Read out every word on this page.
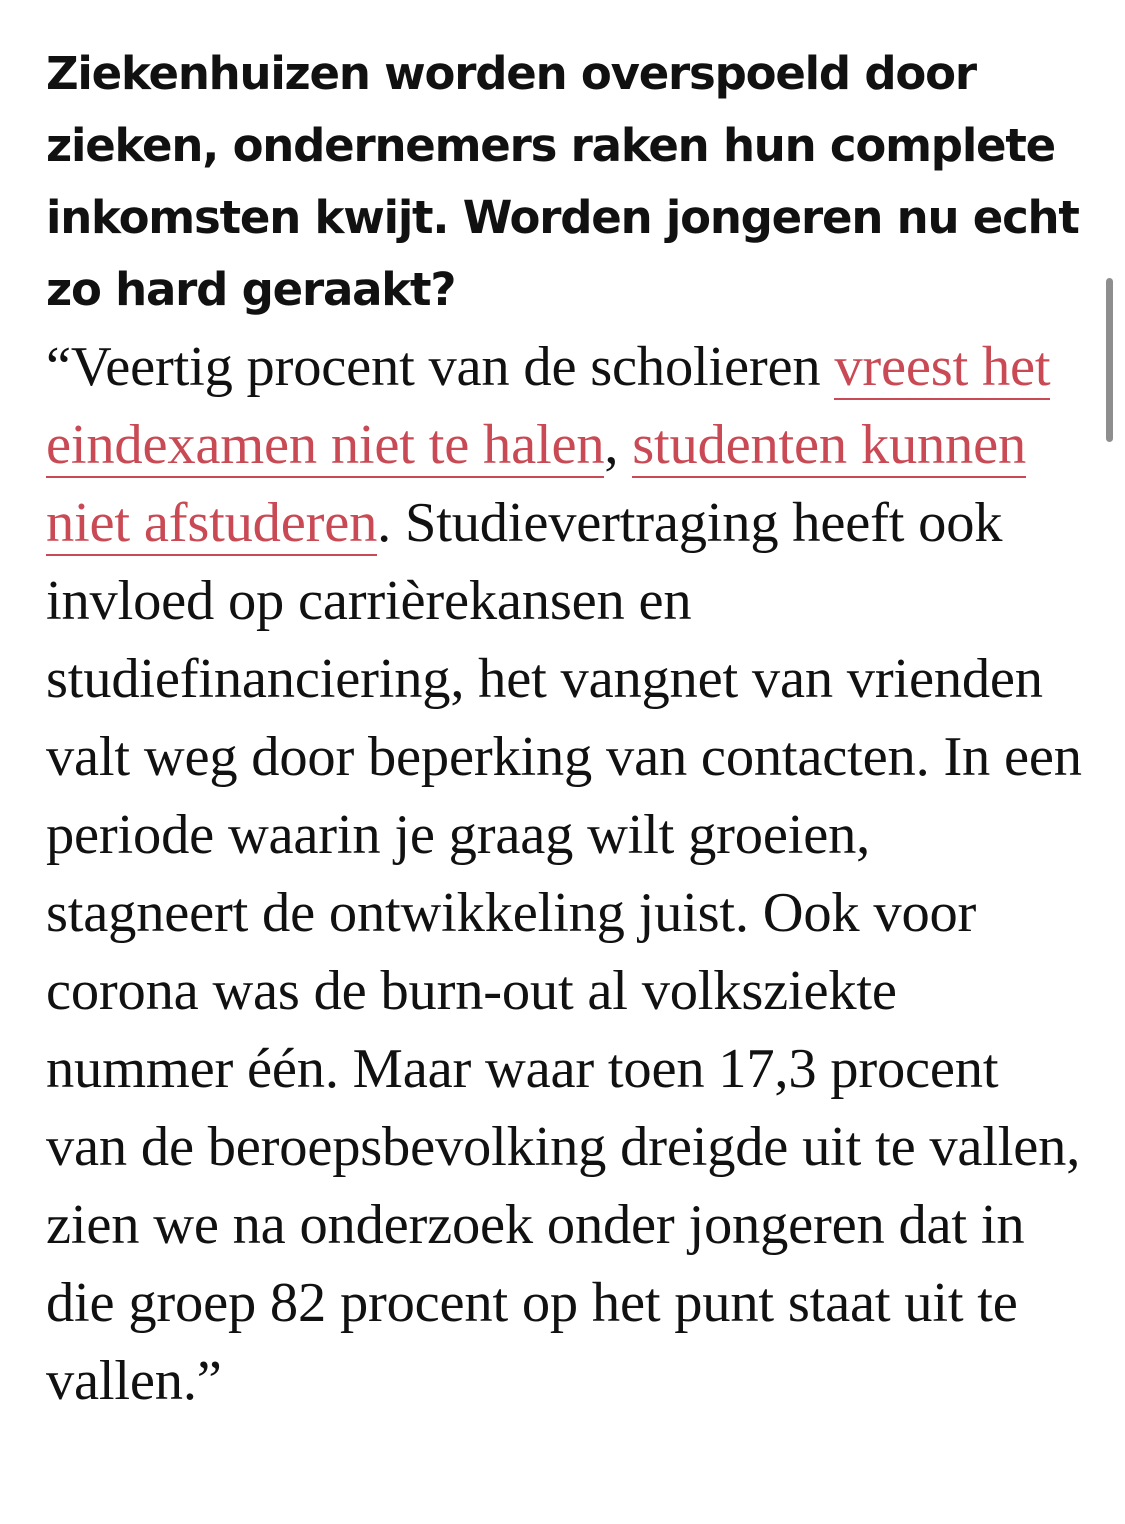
Ziekenhuizen worden overspoeld door zieken, ondernemers raken hun complete inkomsten kwijt. Worden jongeren nu echt zo hard geraakt?

“Veertig procent van de scholieren vreest het eindexamen niet te halen, studenten kunnen niet afstuderen. Studievertraging heeft ook invloed op carrièrekansen en studiefinanciering, het vangnet van vrienden valt weg door beperking van contacten. In een periode waarin je graag wilt groeien, stagneert de ontwikkeling juist. Ook voor corona was de burn-out al volksziekte nummer één. Maar waar toen 17,3 procent van de beroepsbevolking dreigde uit te vallen, zien we na onderzoek onder jongeren dat in die groep 82 procent op het punt staat uit te vallen.”
